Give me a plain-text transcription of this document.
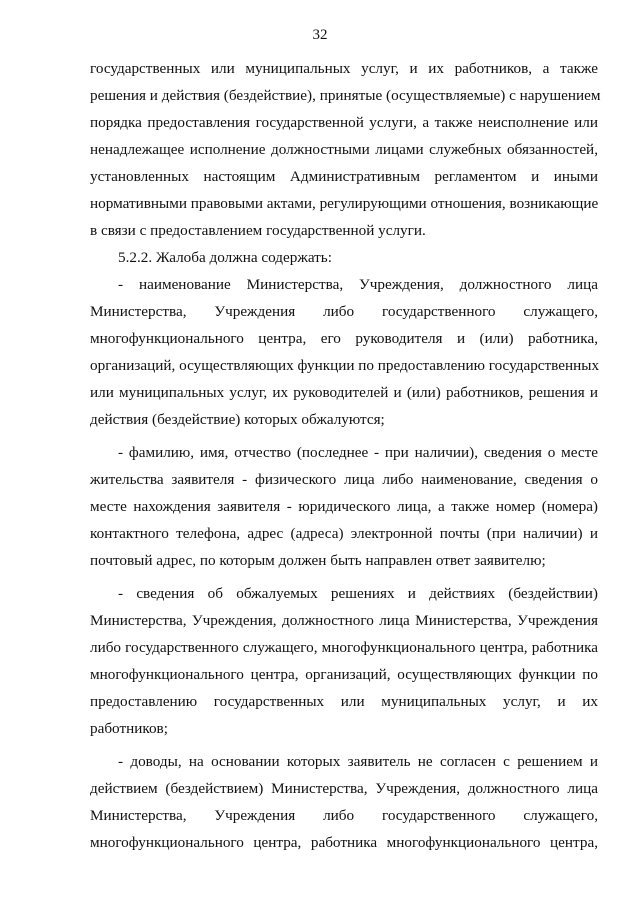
32
государственных или муниципальных услуг, и их работников, а также
решения и действия (бездействие), принятые (осуществляемые) с нарушением
порядка предоставления государственной услуги, а также неисполнение или
ненадлежащее исполнение должностными лицами служебных обязанностей,
установленных настоящим Административным регламентом и иными
нормативными правовыми актами, регулирующими отношения, возникающие
в связи с предоставлением государственной услуги.
5.2.2. Жалоба должна содержать:
- наименование Министерства, Учреждения, должностного лица
Министерства, Учреждения либо государственного служащего,
многофункционального центра, его руководителя и (или) работника,
организаций, осуществляющих функции по предоставлению государственных
или муниципальных услуг, их руководителей и (или) работников, решения и
действия (бездействие) которых обжалуются;
- фамилию, имя, отчество (последнее - при наличии), сведения о месте
жительства заявителя - физического лица либо наименование, сведения о
месте нахождения заявителя - юридического лица, а также номер (номера)
контактного телефона, адрес (адреса) электронной почты (при наличии) и
почтовый адрес, по которым должен быть направлен ответ заявителю;
- сведения об обжалуемых решениях и действиях (бездействии)
Министерства, Учреждения, должностного лица Министерства, Учреждения
либо государственного служащего, многофункционального центра, работника
многофункционального центра, организаций, осуществляющих функции по
предоставлению государственных или муниципальных услуг, и их
работников;
- доводы, на основании которых заявитель не согласен с решением и
действием (бездействием) Министерства, Учреждения, должностного лица
Министерства, Учреждения либо государственного служащего,
многофункционального центра, работника многофункционального центра,
